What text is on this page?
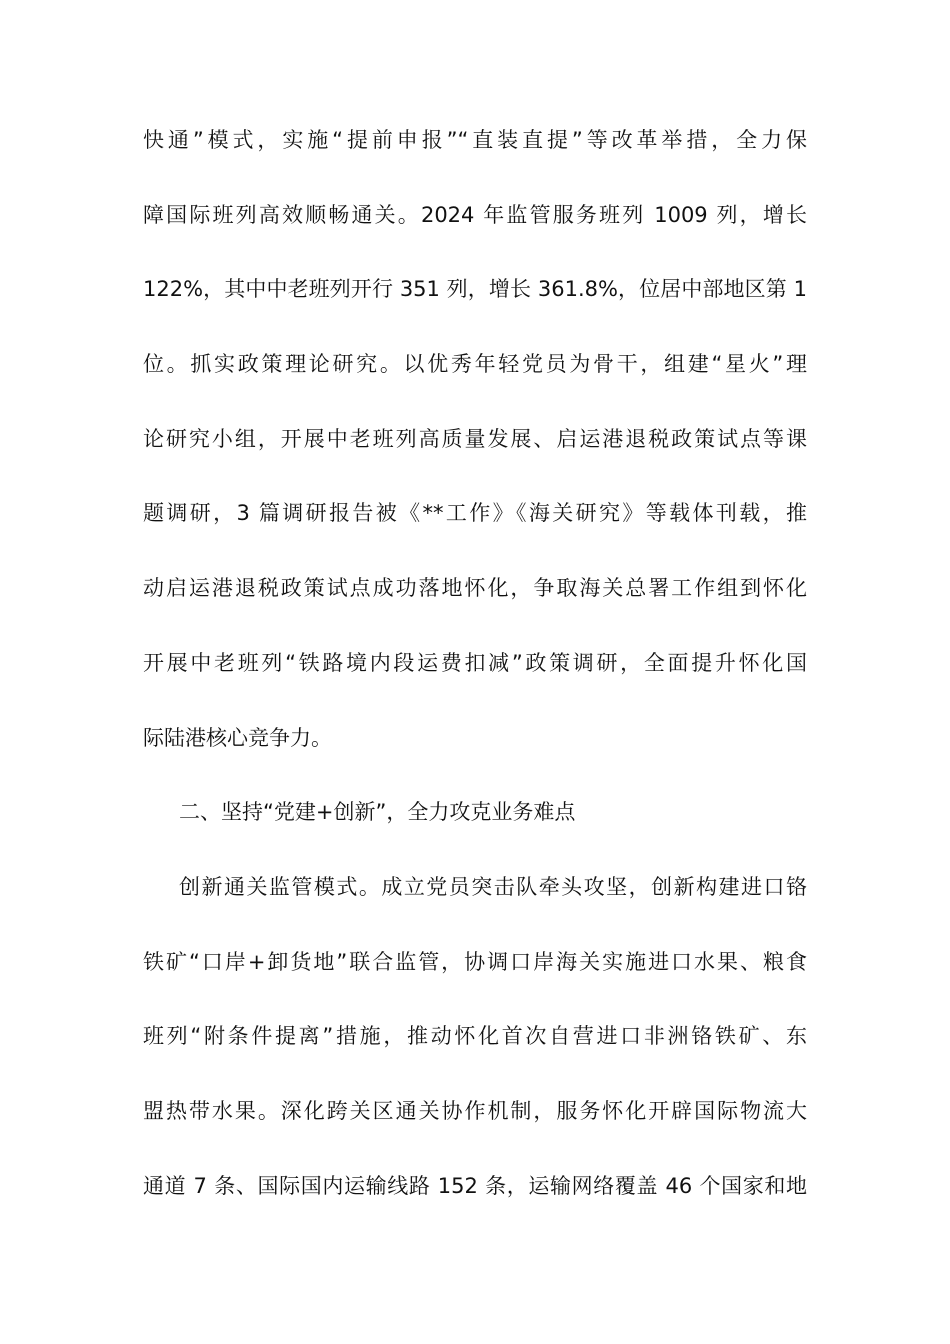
快通”模式，实施“提前申报”“直装直提”等改革举措，全力保
障国际班列高效顺畅通关。2024 年监管服务班列 1009 列，增长
122%，其中中老班列开行 351 列，增长 361.8%，位居中部地区第 1
位。抓实政策理论研究。以优秀年轻党员为骨干，组建“星火”理
论研究小组，开展中老班列高质量发展、启运港退税政策试点等课
题调研，3 篇调研报告被《**工作》《海关研究》等载体刊载，推
动启运港退税政策试点成功落地怀化，争取海关总署工作组到怀化
开展中老班列“铁路境内段运费扣减”政策调研，全面提升怀化国
际陆港核心竞争力。
二、坚持“党建+创新”，全力攻克业务难点
创新通关监管模式。成立党员突击队牵头攻坚，创新构建进口铬
铁矿“口岸+卸货地”联合监管，协调口岸海关实施进口水果、粮食
班列“附条件提离”措施，推动怀化首次自营进口非洲铬铁矿、东
盟热带水果。深化跨关区通关协作机制，服务怀化开辟国际物流大
通道 7 条、国际国内运输线路 152 条，运输网络覆盖 46 个国家和地
